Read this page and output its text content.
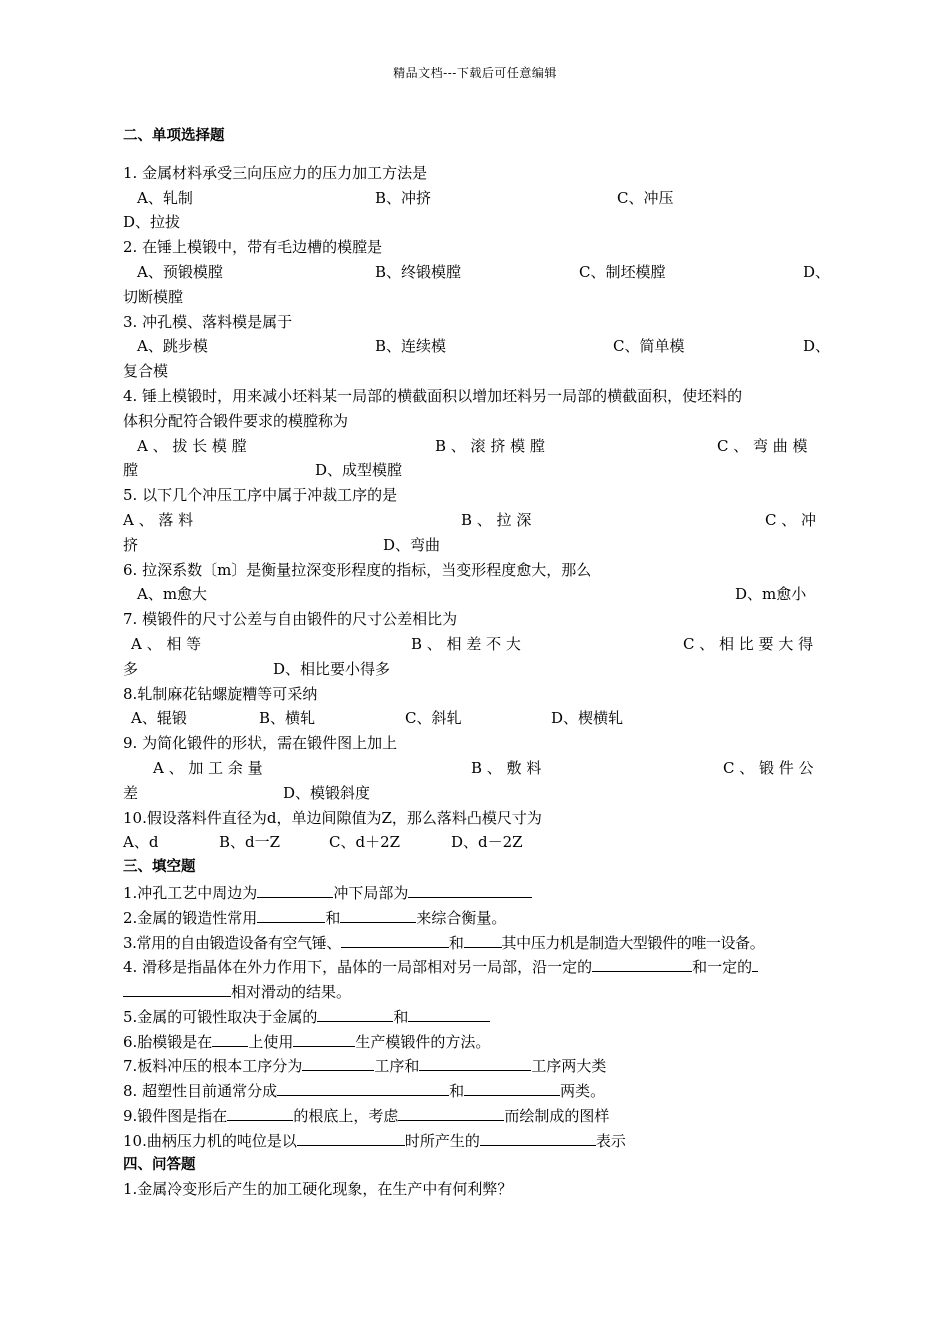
精品文档---下载后可任意编辑
二、单项选择题
1. 金属材料承受三向压应力的压力加工方法是
A、轧制	B、冲挤	C、冲压
D、拉拔
2. 在锤上模锻中，带有毛边槽的模膛是
A、预锻模膛	B、终锻模膛	C、制坯模膛	D、
切断模膛
3. 冲孔模、落料模是属于
A、跳步模	B、连续模	C、简单模	D、
复合模
4. 锤上模锻时，用来减小坯料某一局部的横截面积以增加坯料另一局部的横截面积，使坯料的
体积分配符合锻件要求的模膛称为
A 、 拔 长 模 膛	B 、 滚 挤 模 膛	C 、 弯 曲 模
膛	D、成型模膛
5. 以下几个冲压工序中属于冲裁工序的是
A 、 落 料	B 、 拉 深	C 、 冲
挤	D、弯曲
6. 拉深系数〔m〕是衡量拉深变形程度的指标，当变形程度愈大，那么
A、m愈大	D、m愈小
7. 模锻件的尺寸公差与自由锻件的尺寸公差相比为
A 、 相 等	B 、 相 差 不 大	C 、 相 比 要 大 得
多	D、相比要小得多
8.轧制麻花钻螺旋糟等可采纳
A、辊锻	B、横轧	C、斜轧	D、楔横轧
9. 为简化锻件的形状，需在锻件图上加上
A 、 加 工 余 量	B 、 敷 料	C 、 锻 件 公
差	D、模锻斜度
10.假设落料件直径为d，单边间隙值为Z，那么落料凸模尺寸为
A、d	B、d一Z	C、d＋2Z	D、d－2Z
三、填空题
1.冲孔工艺中周边为	冲下局部为
2.金属的锻造性常用	和	来综合衡量。
3.常用的自由锻造设备有空气锤、	和	其中压力机是制造大型锻件的唯一设备。
4. 滑移是指晶体在外力作用下，晶体的一局部相对另一局部，沿一定的	和一定的
相对滑动的结果。
5.金属的可锻性取决于金属的	和
6.胎模锻是在 上使用	生产模锻件的方法。
7.板料冲压的根本工序分为	工序和	工序两大类
8. 超塑性目前通常分成	和	两类。
9.锻件图是指在	的根底上，考虑	而绘制成的图样
10.曲柄压力机的吨位是以	时所产生的	表示
四、问答题
1.金属冷变形后产生的加工硬化现象，在生产中有何利弊？
